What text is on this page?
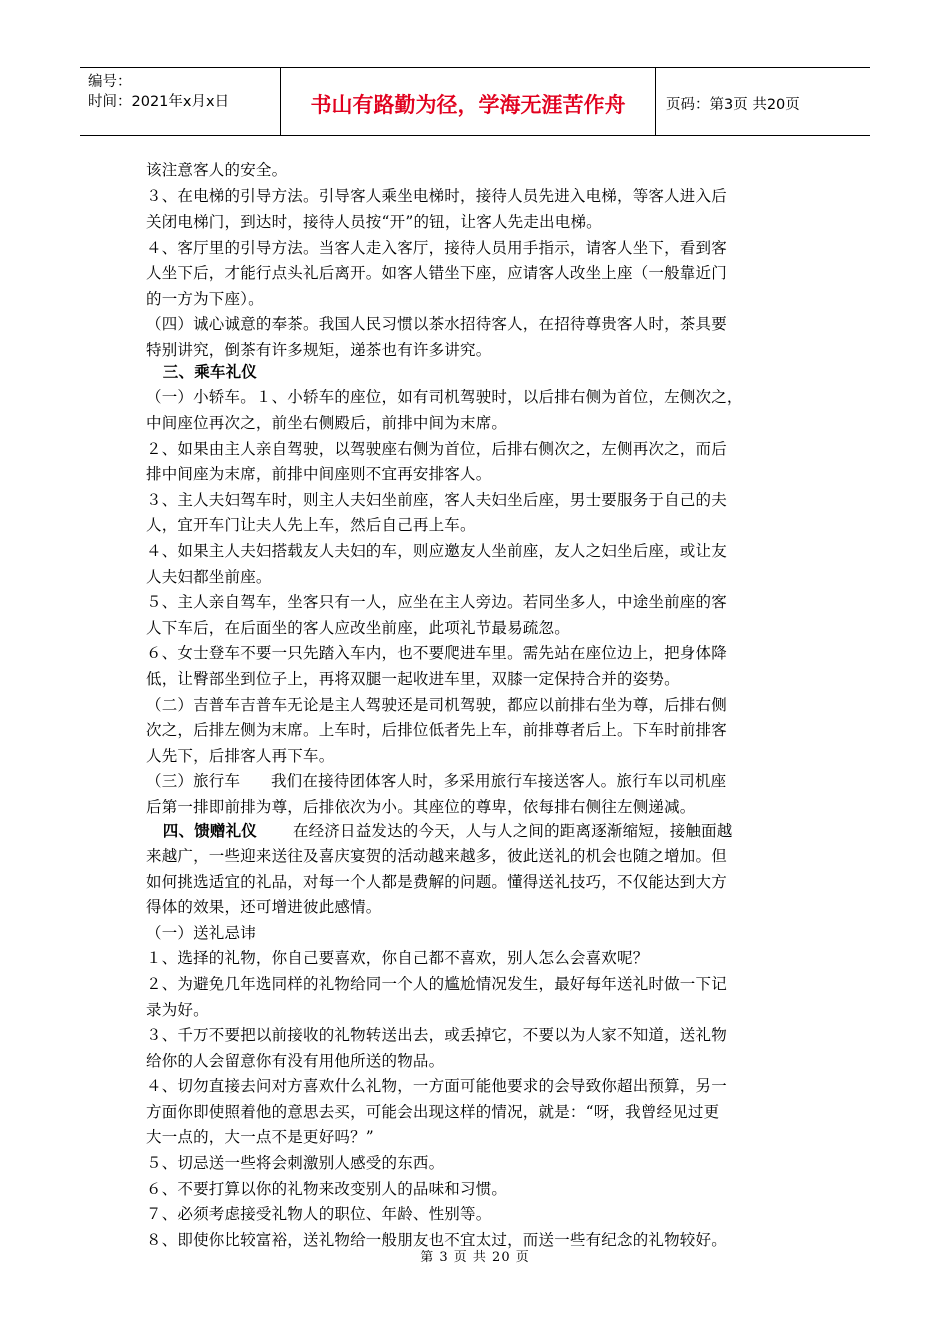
编号：
时间：2021年x月x日	书山有路勤为径，学海无涯苦作舟	页码：第3页 共20页
该注意客人的安全。
３、在电梯的引导方法。引导客人乘坐电梯时，接待人员先进入电梯，等客人进入后
关闭电梯门，到达时，接待人员按“开”的钮，让客人先走出电梯。
４、客厅里的引导方法。当客人走入客厅，接待人员用手指示，请客人坐下，看到客
人坐下后，才能行点头礼后离开。如客人错坐下座，应请客人改坐上座（一般靠近门
的一方为下座）。
（四）诚心诚意的奉茶。我国人民习惯以茶水招待客人，在招待尊贵客人时，茶具要
特别讲究，倒茶有许多规矩，递茶也有许多讲究。
三、乘车礼仪
（一）小轿车。１、小轿车的座位，如有司机驾驶时，以后排右侧为首位，左侧次之，
中间座位再次之，前坐右侧殿后，前排中间为末席。
２、如果由主人亲自驾驶，以驾驶座右侧为首位，后排右侧次之，左侧再次之，而后
排中间座为末席，前排中间座则不宜再安排客人。
３、主人夫妇驾车时，则主人夫妇坐前座，客人夫妇坐后座，男士要服务于自己的夫
人，宜开车门让夫人先上车，然后自己再上车。
４、如果主人夫妇搭载友人夫妇的车，则应邀友人坐前座，友人之妇坐后座，或让友
人夫妇都坐前座。
５、主人亲自驾车，坐客只有一人，应坐在主人旁边。若同坐多人，中途坐前座的客
人下车后，在后面坐的客人应改坐前座，此项礼节最易疏忽。
６、女士登车不要一只先踏入车内，也不要爬进车里。需先站在座位边上，把身体降
低，让臀部坐到位子上，再将双腿一起收进车里，双膝一定保持合并的姿势。
（二）吉普车吉普车无论是主人驾驶还是司机驾驶，都应以前排右坐为尊，后排右侧
次之，后排左侧为末席。上车时，后排位低者先上车，前排尊者后上。下车时前排客
人先下，后排客人再下车。
（三）旅行车      我们在接待团体客人时，多采用旅行车接送客人。旅行车以司机座
后第一排即前排为尊，后排依次为小。其座位的尊卑，依每排右侧往左侧递减。
四、馈赠礼仪 在经济日益发达的今天，人与人之间的距离逐渐缩短，接触面越
来越广，一些迎来送往及喜庆宴贺的活动越来越多，彼此送礼的机会也随之增加。但
如何挑选适宜的礼品，对每一个人都是费解的问题。懂得送礼技巧，不仅能达到大方
得体的效果，还可增进彼此感情。
（一）送礼忌讳
１、选择的礼物，你自己要喜欢，你自己都不喜欢，别人怎么会喜欢呢？
２、为避免几年选同样的礼物给同一个人的尴尬情况发生，最好每年送礼时做一下记
录为好。
３、千万不要把以前接收的礼物转送出去，或丢掉它，不要以为人家不知道，送礼物
给你的人会留意你有没有用他所送的物品。
４、切勿直接去问对方喜欢什么礼物，一方面可能他要求的会导致你超出预算，另一
方面你即使照着他的意思去买，可能会出现这样的情况，就是：“呀，我曾经见过更
大一点的，大一点不是更好吗？”
５、切忌送一些将会刺激别人感受的东西。
６、不要打算以你的礼物来改变别人的品味和习惯。
７、必须考虑接受礼物人的职位、年龄、性别等。
８、即使你比较富裕，送礼物给一般朋友也不宜太过，而送一些有纪念的礼物较好。
第 3 页 共 20 页
